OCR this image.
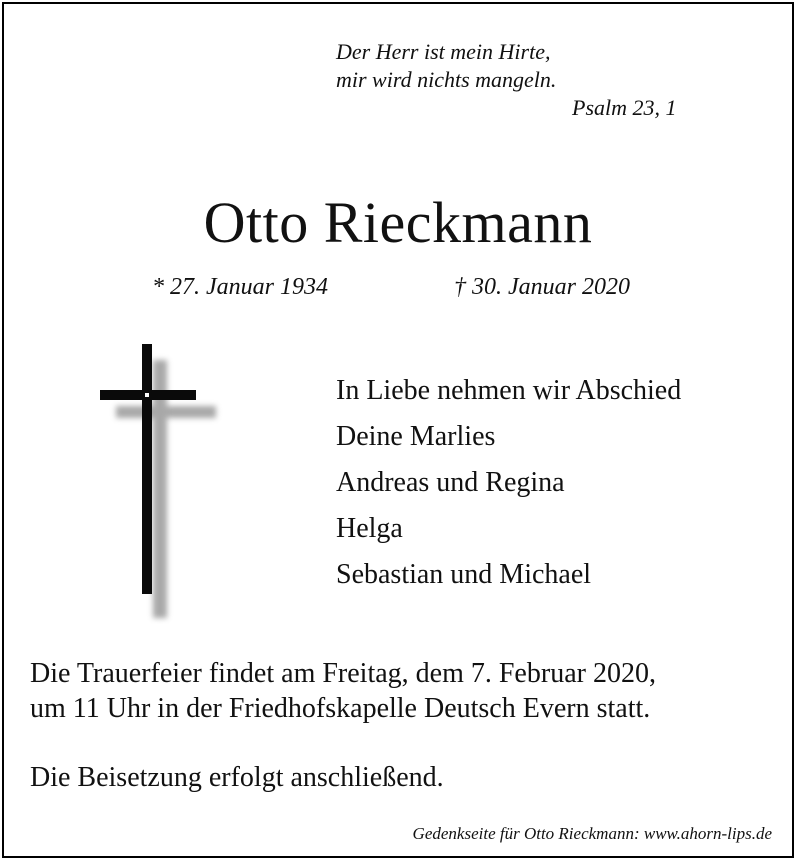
Der Herr ist mein Hirte,
mir wird nichts mangeln.
Psalm 23, 1
Otto Rieckmann
* 27. Januar 1934	† 30. Januar 2020
In Liebe nehmen wir Abschied
Deine Marlies
Andreas und Regina
Helga
Sebastian und Michael
Die Trauerfeier findet am Freitag, dem 7. Februar 2020,
um 11 Uhr in der Friedhofskapelle Deutsch Evern statt.
Die Beisetzung erfolgt anschließend.
Gedenkseite für Otto Rieckmann: www.ahorn-lips.de
